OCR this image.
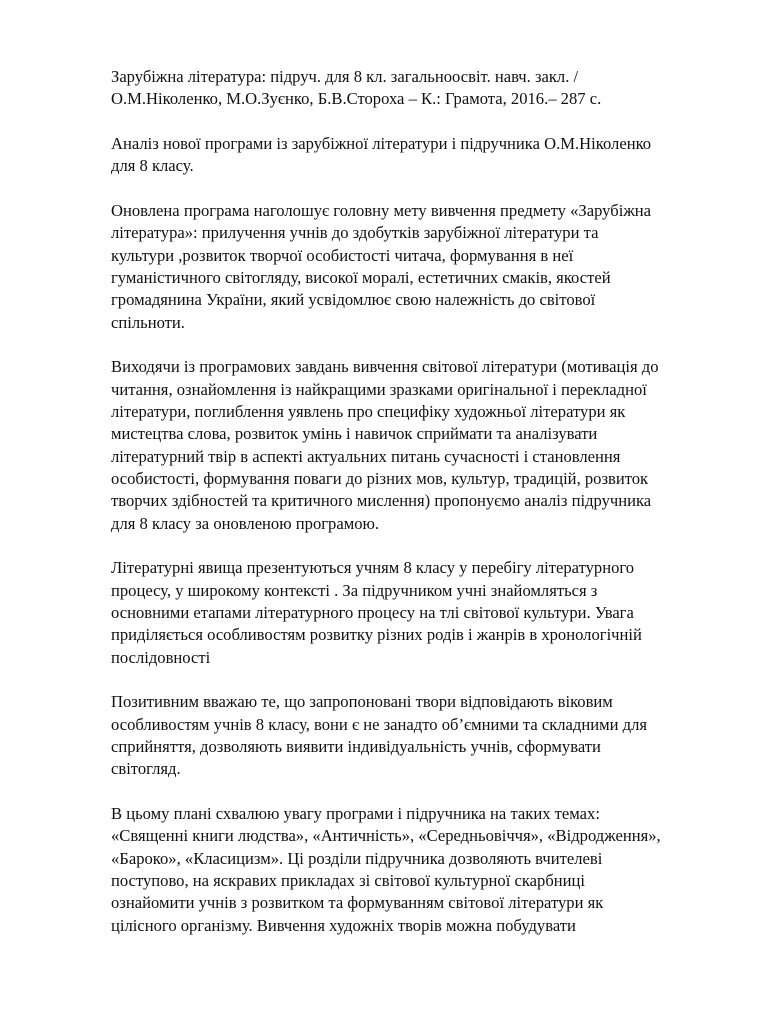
Зарубіжна література: підруч. для 8 кл. загальноосвіт. навч. закл. /
О.М.Ніколенко, М.О.Зуєнко, Б.В.Стороха – К.: Грамота, 2016.– 287 с.

Аналіз нової програми із зарубіжної літератури і підручника О.М.Ніколенко
для 8 класу.

Оновлена програма наголошує головну мету вивчення предмету «Зарубіжна
література»: прилучення учнів до здобутків зарубіжної літератури та
культури ,розвиток творчої особистості читача, формування в неї
гуманістичного світогляду, високої моралі, естетичних смаків, якостей
громадянина України, який усвідомлює свою належність до світової
спільноти.

Виходячи із програмових завдань вивчення світової літератури (мотивація до
читання, ознайомлення із найкращими зразками оригінальної і перекладної
літератури, поглиблення уявлень про специфіку художньої літератури як
мистецтва слова, розвиток умінь і навичок сприймати та аналізувати
літературний твір в аспекті актуальних питань сучасності і становлення
особистості, формування поваги до різних мов, культур, традицій, розвиток
творчих здібностей та критичного мислення) пропонуємо аналіз підручника
для 8 класу за оновленою програмою.

Літературні явища презентуються учням 8 класу у перебігу літературного
процесу, у широкому контексті . За підручником учні знайомляться з
основними етапами літературного процесу на тлі світової культури. Увага
приділяється особливостям розвитку різних родів і жанрів в хронологічній
послідовності

Позитивним вважаю те, що запропоновані твори відповідають віковим
особливостям учнів 8 класу, вони є не занадто об’ємними та складними для
сприйняття, дозволяють виявити індивідуальність учнів, сформувати
світогляд.

В цьому плані схвалюю увагу програми і підручника на таких темах:
«Священні книги людства», «Античність», «Середньовіччя», «Відродження»,
«Бароко», «Класицизм». Ці розділи підручника дозволяють вчителеві
поступово, на яскравих прикладах зі світової культурної скарбниці
ознайомити учнів з розвитком та формуванням світової літератури як
цілісного організму. Вивчення художніх творів можна побудувати
